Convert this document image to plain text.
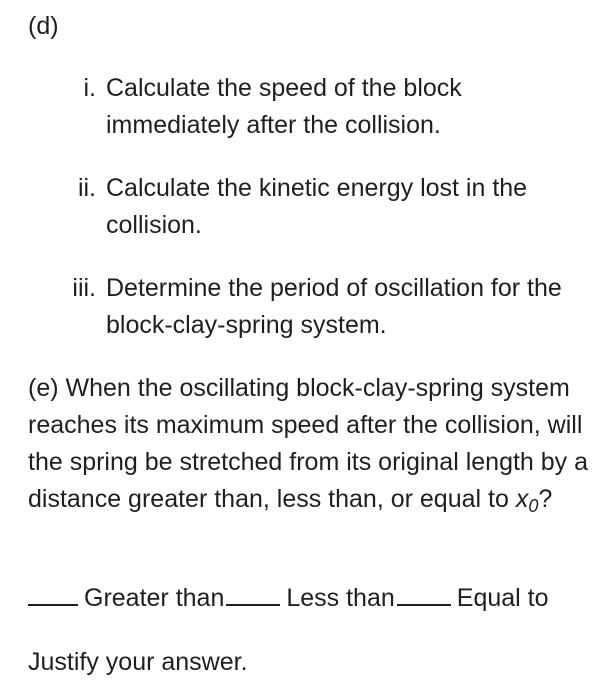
(d)
i. Calculate the speed of the block immediately after the collision.
ii. Calculate the kinetic energy lost in the collision.
iii. Determine the period of oscillation for the block-clay-spring system.
(e) When the oscillating block-clay-spring system reaches its maximum speed after the collision, will the spring be stretched from its original length by a distance greater than, less than, or equal to $x_0$?
Greater than Less than Equal to
Justify your answer.
